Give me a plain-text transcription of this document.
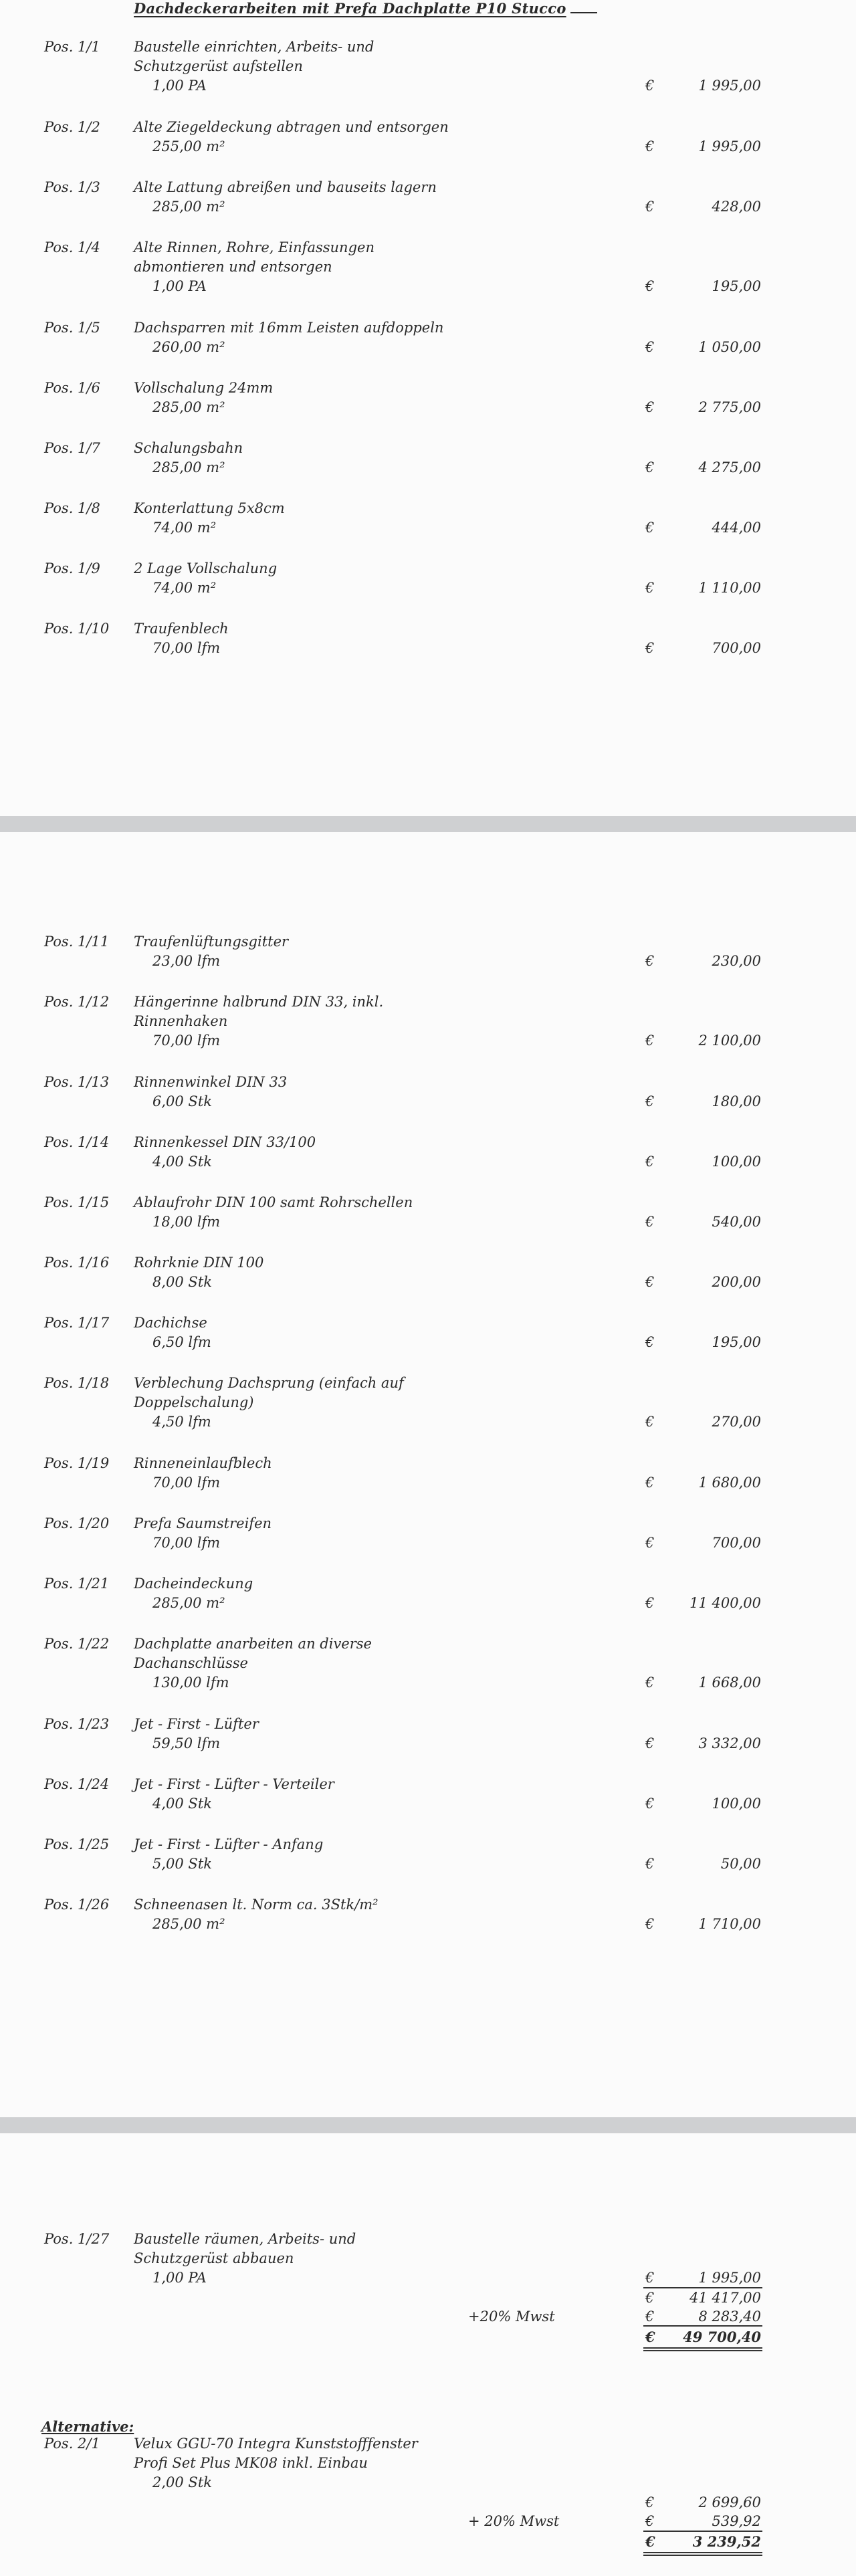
Dachdeckerarbeiten mit Prefa Dachplatte P10 Stucco
Pos. 1/1 Baustelle einrichten, Arbeits- und
Schutzgerüst aufstellen
1,00 PA	€	1 995,00
Pos. 1/2 Alte Ziegeldeckung abtragen und entsorgen
255,00 m²	€	1 995,00
Pos. 1/3 Alte Lattung abreißen und bauseits lagern
285,00 m²	€	428,00
Pos. 1/4 Alte Rinnen, Rohre, Einfassungen
abmontieren und entsorgen
1,00 PA	€	195,00
Pos. 1/5 Dachsparren mit 16mm Leisten aufdoppeln
260,00 m²	€	1 050,00
Pos. 1/6 Vollschalung 24mm
285,00 m²	€	2 775,00
Pos. 1/7 Schalungsbahn
285,00 m²	€	4 275,00
Pos. 1/8 Konterlattung 5x8cm
74,00 m²	€	444,00
Pos. 1/9 2 Lage Vollschalung
74,00 m²	€	1 110,00
Pos. 1/10 Traufenblech
70,00 lfm	€	700,00
Pos. 1/11 Traufenlüftungsgitter
23,00 lfm	€	230,00
Pos. 1/12 Hängerinne halbrund DIN 33, inkl.
Rinnenhaken
70,00 lfm	€	2 100,00
Pos. 1/13 Rinnenwinkel DIN 33
6,00 Stk	€	180,00
Pos. 1/14 Rinnenkessel DIN 33/100
4,00 Stk	€	100,00
Pos. 1/15 Ablaufrohr DIN 100 samt Rohrschellen
18,00 lfm	€	540,00
Pos. 1/16 Rohrknie DIN 100
8,00 Stk	€	200,00
Pos. 1/17 Dachichse
6,50 lfm	€	195,00
Pos. 1/18 Verblechung Dachsprung (einfach auf
Doppelschalung)
4,50 lfm	€	270,00
Pos. 1/19 Rinneneinlaufblech
70,00 lfm	€	1 680,00
Pos. 1/20 Prefa Saumstreifen
70,00 lfm	€	700,00
Pos. 1/21 Dacheindeckung
285,00 m²	€	11 400,00
Pos. 1/22 Dachplatte anarbeiten an diverse
Dachanschlüsse
130,00 lfm	€	1 668,00
Pos. 1/23 Jet - First - Lüfter
59,50 lfm	€	3 332,00
Pos. 1/24 Jet - First - Lüfter - Verteiler
4,00 Stk	€	100,00
Pos. 1/25 Jet - First - Lüfter - Anfang
5,00 Stk	€	50,00
Pos. 1/26 Schneenasen lt. Norm ca. 3Stk/m²
285,00 m²	€	1 710,00
Pos. 1/27 Baustelle räumen, Arbeits- und
Schutzgerüst abbauen
1,00 PA	€	1 995,00
€	41 417,00
+20% Mwst	€	8 283,40
€ 49 700,40
Alternative:
Pos. 2/1 Velux GGU-70 Integra Kunststofffenster
Profi Set Plus MK08 inkl. Einbau
2,00 Stk
€	2 699,60
+ 20% Mwst	€	539,92
€	3 239,52
